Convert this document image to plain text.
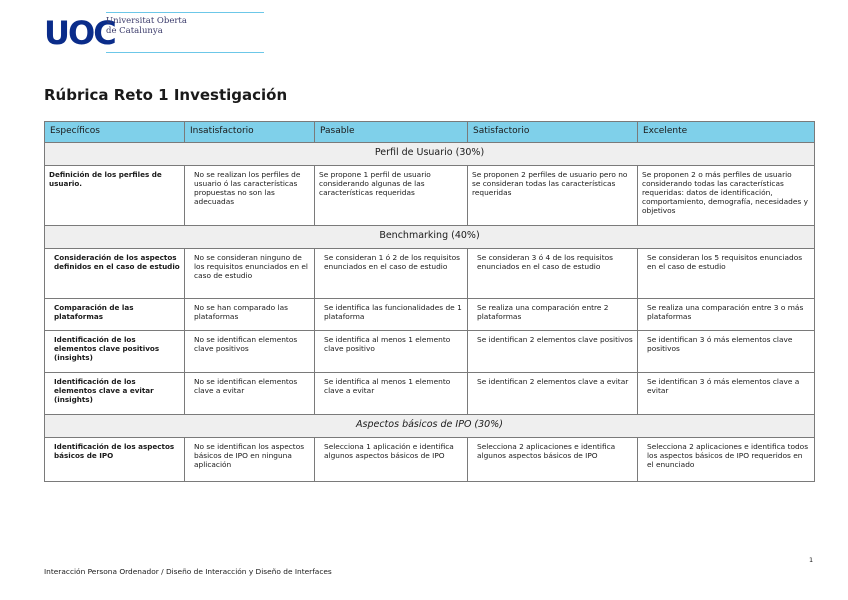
UOC
Universitat Oberta
de Catalunya
Rúbrica Reto 1 Investigación
Específicos	Insatisfactorio	Pasable	Satisfactorio	Excelente
Perfil de Usuario (30%)				
Definición de los perfiles de usuario.	No se realizan los perfiles de usuario ó las características propuestas no son las adecuadas	Se propone 1 perfil de usuario considerando algunas de las características requeridas	Se proponen 2 perfiles de usuario pero no se consideran todas las características requeridas	Se proponen 2 o más perfiles de usuario considerando todas las características requeridas: datos de identificación, comportamiento, demografía, necesidades y objetivos
Benchmarking (40%)				
Consideración de los aspectos definidos en el caso de estudio	No se consideran ninguno de los requisitos enunciados en el caso de estudio	Se consideran 1 ó 2 de los requisitos enunciados en el caso de estudio	Se consideran 3 ó 4 de los requisitos enunciados en el caso de estudio	Se consideran los 5 requisitos enunciados en el caso de estudio
Comparación de las plataformas	No se han comparado las plataformas	Se identifica las funcionalidades de 1 plataforma	Se realiza una comparación entre 2 plataformas	Se realiza una comparación entre 3 o más plataformas
Identificación de los elementos clave positivos (insights)	No se identifican elementos clave positivos	Se identifica al menos 1 elemento clave positivo	Se identifican 2 elementos clave positivos	Se identifican 3 ó más elementos clave positivos
Identificación de los elementos clave a evitar (insights)	No se identifican elementos clave a evitar	Se identifica al menos 1 elemento clave a evitar	Se identifican 2 elementos clave a evitar	Se identifican 3 ó más elementos clave a evitar
Aspectos básicos de IPO (30%)				
Identificación de los aspectos básicos de IPO	No se identifican los aspectos básicos de IPO en ninguna aplicación	Selecciona 1 aplicación e identifica algunos aspectos básicos de IPO	Selecciona 2 aplicaciones e identifica algunos aspectos básicos de IPO	Selecciona 2 aplicaciones e identifica todos los aspectos básicos de IPO requeridos en el enunciado
1
Interacción Persona Ordenador / Diseño de Interacción y Diseño de Interfaces
